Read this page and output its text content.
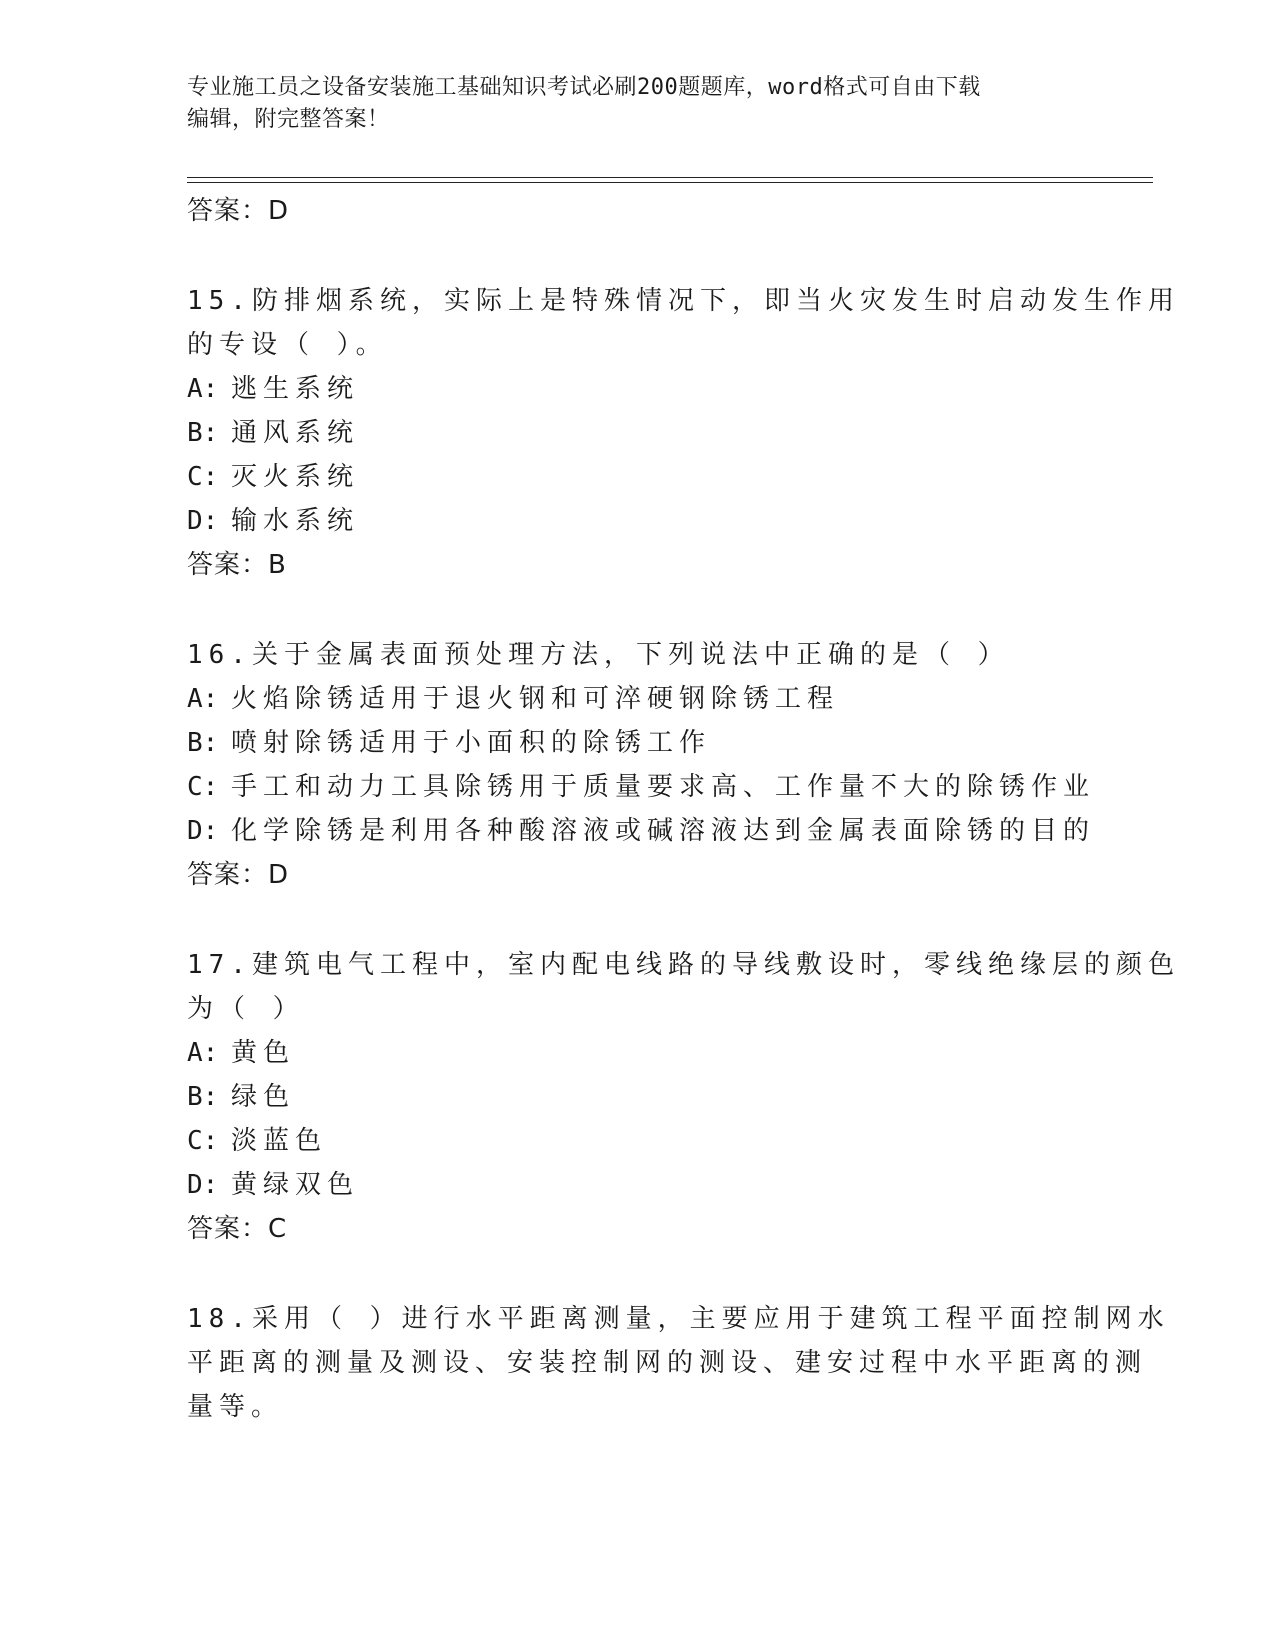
专业施工员之设备安装施工基础知识考试必刷200题题库，word格式可自由下载
编辑，附完整答案！
答案：D
15.防排烟系统，实际上是特殊情况下，即当火灾发生时启动发生作用
的专设（ ）。
A: 逃生系统
B: 通风系统
C: 灭火系统
D: 输水系统
答案：B
16.关于金属表面预处理方法，下列说法中正确的是（ ）
A: 火焰除锈适用于退火钢和可淬硬钢除锈工程
B: 喷射除锈适用于小面积的除锈工作
C: 手工和动力工具除锈用于质量要求高、工作量不大的除锈作业
D: 化学除锈是利用各种酸溶液或碱溶液达到金属表面除锈的目的
答案：D
17.建筑电气工程中，室内配电线路的导线敷设时，零线绝缘层的颜色
为（ ）
A: 黄色
B: 绿色
C: 淡蓝色
D: 黄绿双色
答案：C
18.采用（ ）进行水平距离测量，主要应用于建筑工程平面控制网水
平距离的测量及测设、安装控制网的测设、建安过程中水平距离的测
量等。
